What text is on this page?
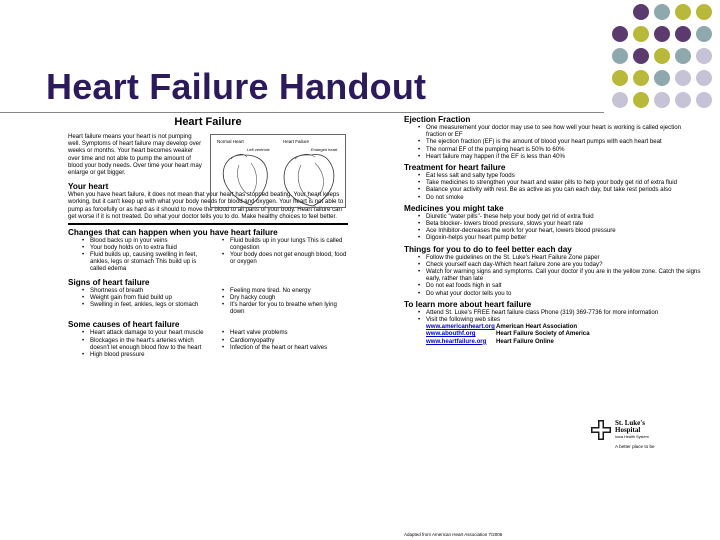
Heart Failure Handout
Heart Failure

Heart failure means your heart is not pumping well. Symptoms of heart failure may develop over weeks or months. Your heart becomes weaker over time and not able to pump the amount of blood your body needs. Over time your heart may enlarge or get bigger.

Normal Heart	Heart Failure
Left ventricle	Enlarged heart
Your heart

When you have heart failure, it does not mean that your heart has stopped beating. Your heart keeps working, but it can't keep up with what your body needs for blood and oxygen. Your heart is not able to pump as forcefully or as hard as it should to move the blood to all parts of your body. Heart failure can get worse if it is not treated. Do what your doctor tells you to do. Make healthy choices to feel better.

Changes that can happen when you have heart failure
• Blood backs up in your veins
• Your body holds on to extra fluid
• Fluid builds up, causing swelling in feet, ankles, legs or stomach This build up is called edema
• Fluid builds up in your lungs This is called congestion
• Your body does not get enough blood, food or oxygen
Signs of heart failure
• Shortness of breath
• Weight gain from fluid build up
• Swelling in feet, ankles, legs or stomach
• Feeling more tired. No energy
• Dry hacky cough
• It's harder for you to breathe when lying down
Some causes of heart failure
• Heart attack damage to your heart muscle
• Blockages in the heart's arteries which doesn't let enough blood flow to the heart
• High blood pressure
• Heart valve problems
• Cardiomyopathy
• Infection of the heart or heart valves
Ejection Fraction
• One measurement your doctor may use to see how well your heart is working is called ejection fraction or EF
• The ejection fraction (EF) is the amount of blood your heart pumps with each heart beat
• The normal EF of the pumping heart is 50% to 60%
• Heart failure may happen if the EF is less than 40%
Treatment for heart failure
• Eat less salt and salty type foods
• Take medicines to strengthen your heart and water pills to help your body get rid of extra fluid
• Balance your activity with rest. Be as active as you can each day, but take rest periods also
• Do not smoke
Medicines you might take
• Diuretic "water pills"- these help your body get rid of extra fluid
• Beta blocker- lowers blood pressure, slows your heart rate
• Ace Inhibitor-decreases the work for your heart, lowers blood pressure
• Digoxin-helps your heart pump better
Things for you to do to feel better each day
• Follow the guidelines on the St. Luke's Heart Failure Zone paper
• Check yourself each day-Which heart failure zone are you today?
• Watch for warning signs and symptoms. Call your doctor if you are in the yellow zone. Catch the signs early, rather than late
• Do not eat foods high in salt
• Do what your doctor tells you to
To learn more about heart failure
• Attend St. Luke's FREE heart failure class Phone (319) 369-7736 for more information
• Visit the following web sites
www.americanheart.org American Heart Association
www.abouthf.org	Heart Failure Society of America
www.heartfailure.org	Heart Failure Online
St. Luke's
Hospital
Iowa Health System
A better place to be
Adapted from American Heart Association 7/2006
